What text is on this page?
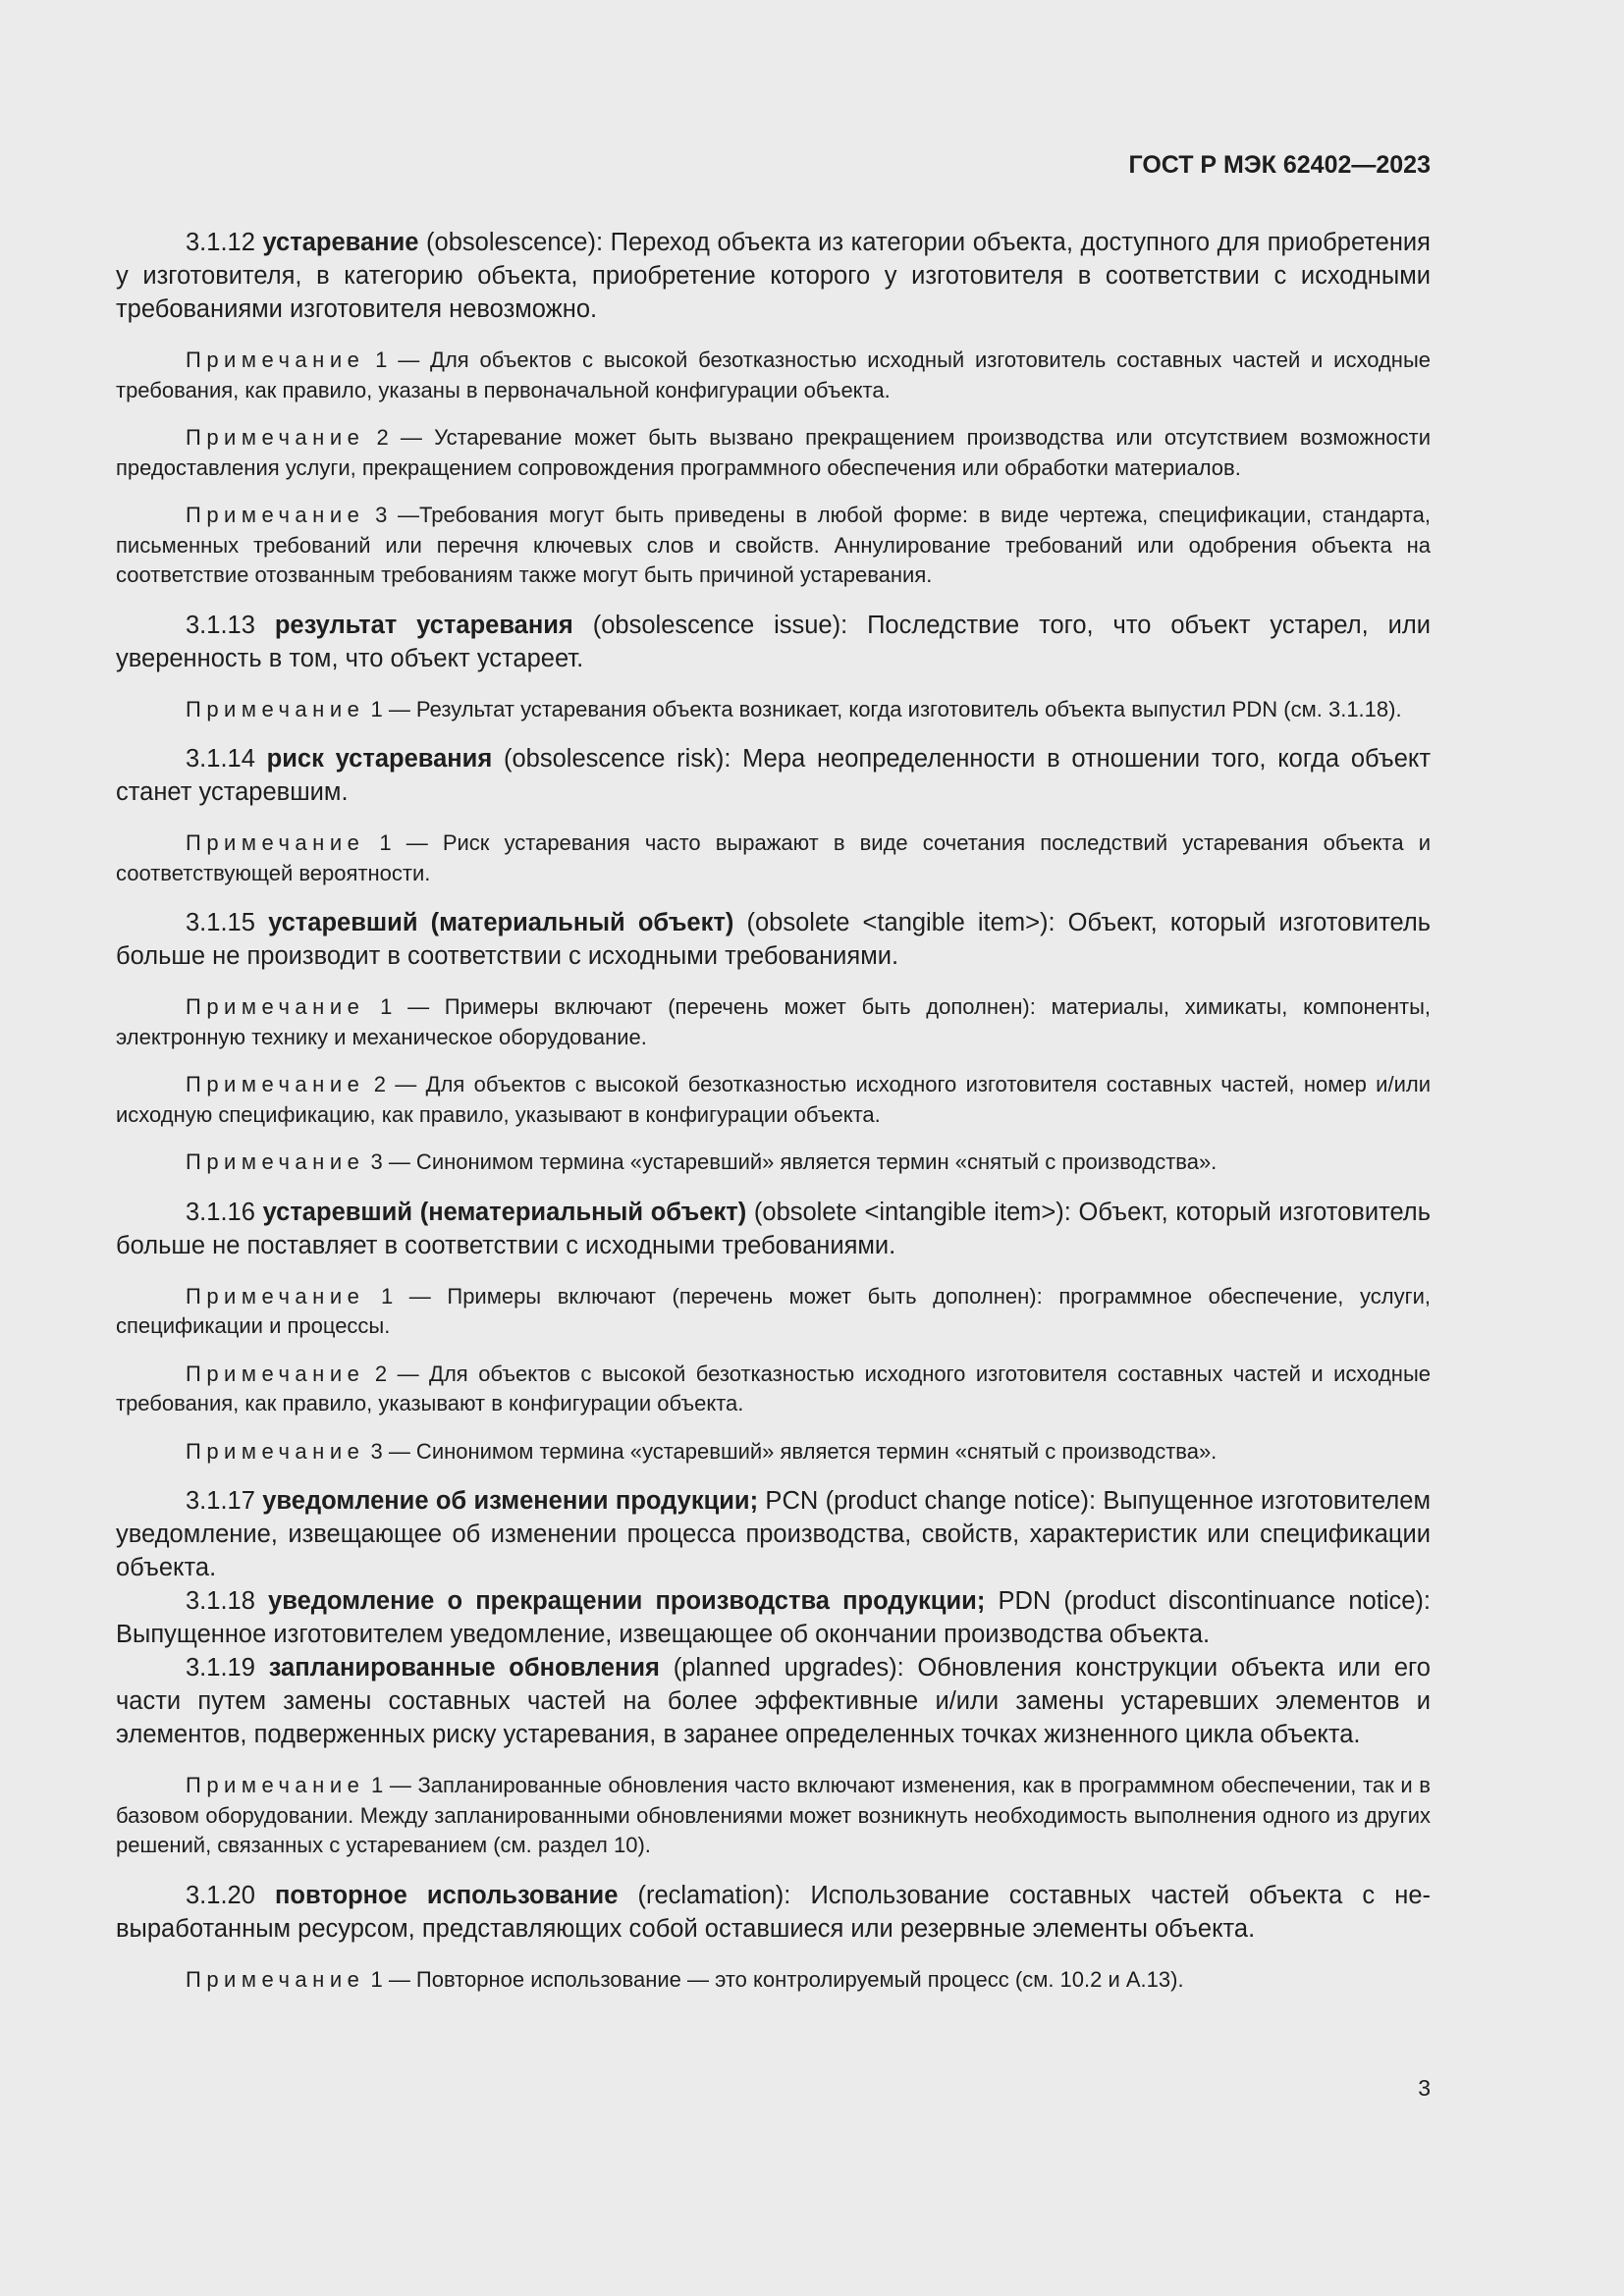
ГОСТ Р МЭК 62402—2023

3.1.12 устаревание (obsolescence): Переход объекта из категории объекта, доступного для приобретения у изготовителя, в категорию объекта, приобретение которого у изготовителя в соответствии с исходными требованиями изготовителя невозможно.

Примечание 1 — Для объектов с высокой безотказностью исходный изготовитель составных частей и исходные требования, как правило, указаны в первоначальной конфигурации объекта.

Примечание 2 — Устаревание может быть вызвано прекращением производства или отсутствием возможности предоставления услуги, прекращением сопровождения программного обеспечения или обработки материалов.

Примечание 3 —Требования могут быть приведены в любой форме: в виде чертежа, спецификации, стандарта, письменных требований или перечня ключевых слов и свойств. Аннулирование требований или одобрения объекта на соответствие отозванным требованиям также могут быть причиной устаревания.

3.1.13 результат устаревания (obsolescence issue): Последствие того, что объект устарел, или уверенность в том, что объект устареет.

Примечание 1 — Результат устаревания объекта возникает, когда изготовитель объекта выпустил PDN (см. 3.1.18).

3.1.14 риск устаревания (obsolescence risk): Мера неопределенности в отношении того, когда объект станет устаревшим.

Примечание 1 — Риск устаревания часто выражают в виде сочетания последствий устаревания объекта и соответствующей вероятности.

3.1.15 устаревший (материальный объект) (obsolete <tangible item>): Объект, который изготовитель больше не производит в соответствии с исходными требованиями.

Примечание 1 — Примеры включают (перечень может быть дополнен): материалы, химикаты, компоненты, электронную технику и механическое оборудование.

Примечание 2 — Для объектов с высокой безотказностью исходного изготовителя составных частей, номер и/или исходную спецификацию, как правило, указывают в конфигурации объекта.

Примечание 3 — Синонимом термина «устаревший» является термин «снятый с производства».

3.1.16 устаревший (нематериальный объект) (obsolete <intangible item>): Объект, который изготовитель больше не поставляет в соответствии с исходными требованиями.

Примечание 1 — Примеры включают (перечень может быть дополнен): программное обеспечение, услуги, спецификации и процессы.

Примечание 2 — Для объектов с высокой безотказностью исходного изготовителя составных частей и исходные требования, как правило, указывают в конфигурации объекта.

Примечание 3 — Синонимом термина «устаревший» является термин «снятый с производства».

3.1.17 уведомление об изменении продукции; PCN (product change notice): Выпущенное изготовителем уведомление, извещающее об изменении процесса производства, свойств, характеристик или спецификации объекта.

3.1.18 уведомление о прекращении производства продукции; PDN (product discontinuance notice): Выпущенное изготовителем уведомление, извещающее об окончании производства объекта.

3.1.19 запланированные обновления (planned upgrades): Обновления конструкции объекта или его части путем замены составных частей на более эффективные и/или замены устаревших элементов и элементов, подверженных риску устаревания, в заранее определенных точках жизненного цикла объекта.

Примечание 1 — Запланированные обновления часто включают изменения, как в программном обеспечении, так и в базовом оборудовании. Между запланированными обновлениями может возникнуть необходимость выполнения одного из других решений, связанных с устареванием (см. раздел 10).

3.1.20 повторное использование (reclamation): Использование составных частей объекта с невыработанным ресурсом, представляющих собой оставшиеся или резервные элементы объекта.

Примечание 1 — Повторное использование — это контролируемый процесс (см. 10.2 и А.13).

3
